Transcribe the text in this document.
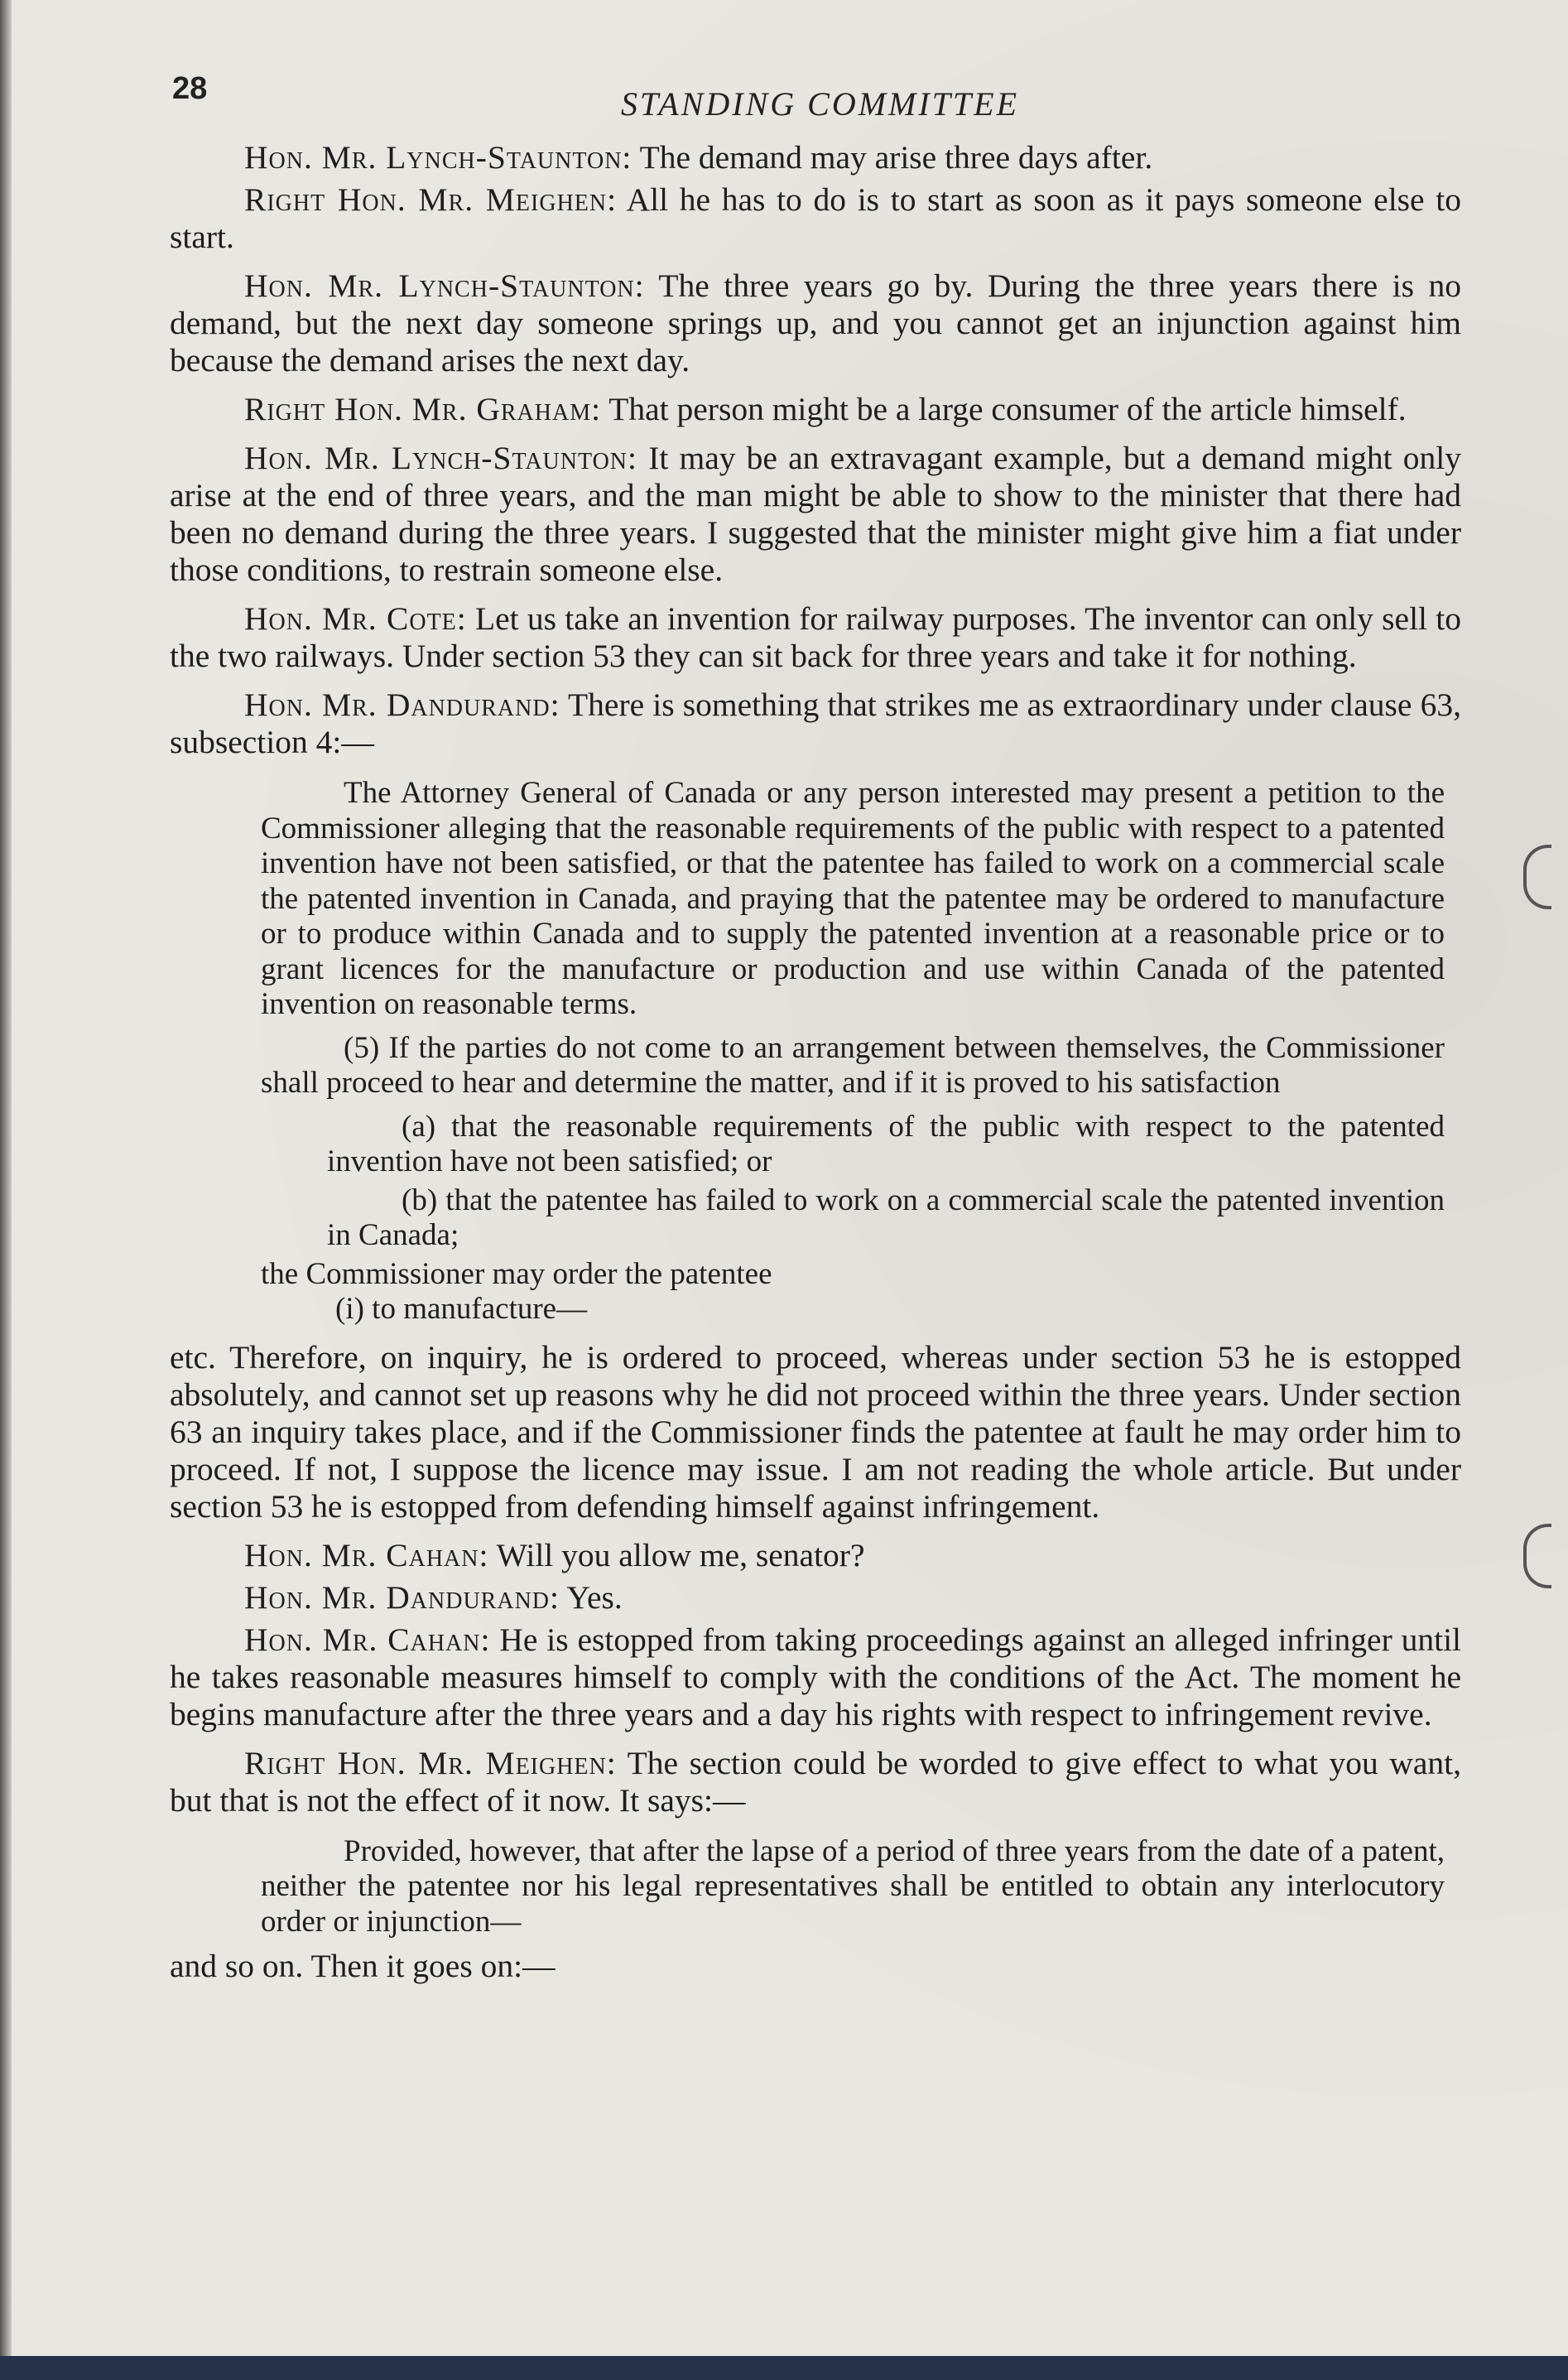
28	STANDING COMMITTEE

Hon. Mr. Lynch-Staunton: The demand may arise three days after.

Right Hon. Mr. Meighen: All he has to do is to start as soon as it pays someone else to start.

Hon. Mr. Lynch-Staunton: The three years go by. During the three years there is no demand, but the next day someone springs up, and you cannot get an injunction against him because the demand arises the next day.

Right Hon. Mr. Graham: That person might be a large consumer of the article himself.

Hon. Mr. Lynch-Staunton: It may be an extravagant example, but a demand might only arise at the end of three years, and the man might be able to show to the minister that there had been no demand during the three years. I suggested that the minister might give him a fiat under those conditions, to restrain someone else.

Hon. Mr. Cote: Let us take an invention for railway purposes. The inventor can only sell to the two railways. Under section 53 they can sit back for three years and take it for nothing.

Hon. Mr. Dandurand: There is something that strikes me as extraordinary under clause 63, subsection 4:—

The Attorney General of Canada or any person interested may present a petition to the Commissioner alleging that the reasonable requirements of the public with respect to a patented invention have not been satisfied, or that the patentee has failed to work on a commercial scale the patented invention in Canada, and praying that the patentee may be ordered to manufacture or to produce within Canada and to supply the patented invention at a reasonable price or to grant licences for the manufacture or production and use within Canada of the patented invention on reasonable terms.

(5) If the parties do not come to an arrangement between themselves, the Commissioner shall proceed to hear and determine the matter, and if it is proved to his satisfaction

(a) that the reasonable requirements of the public with respect to the patented invention have not been satisfied; or

(b) that the patentee has failed to work on a commercial scale the patented invention in Canada;

the Commissioner may order the patentee

(i) to manufacture—

etc. Therefore, on inquiry, he is ordered to proceed, whereas under section 53 he is estopped absolutely, and cannot set up reasons why he did not proceed within the three years. Under section 63 an inquiry takes place, and if the Commissioner finds the patentee at fault he may order him to proceed. If not, I suppose the licence may issue. I am not reading the whole article. But under section 53 he is estopped from defending himself against infringement.

Hon. Mr. Cahan: Will you allow me, senator?

Hon. Mr. Dandurand: Yes.

Hon. Mr. Cahan: He is estopped from taking proceedings against an alleged infringer until he takes reasonable measures himself to comply with the conditions of the Act. The moment he begins manufacture after the three years and a day his rights with respect to infringement revive.

Right Hon. Mr. Meighen: The section could be worded to give effect to what you want, but that is not the effect of it now. It says:—

Provided, however, that after the lapse of a period of three years from the date of a patent, neither the patentee nor his legal representatives shall be entitled to obtain any interlocutory order or injunction—

and so on. Then it goes on:—
